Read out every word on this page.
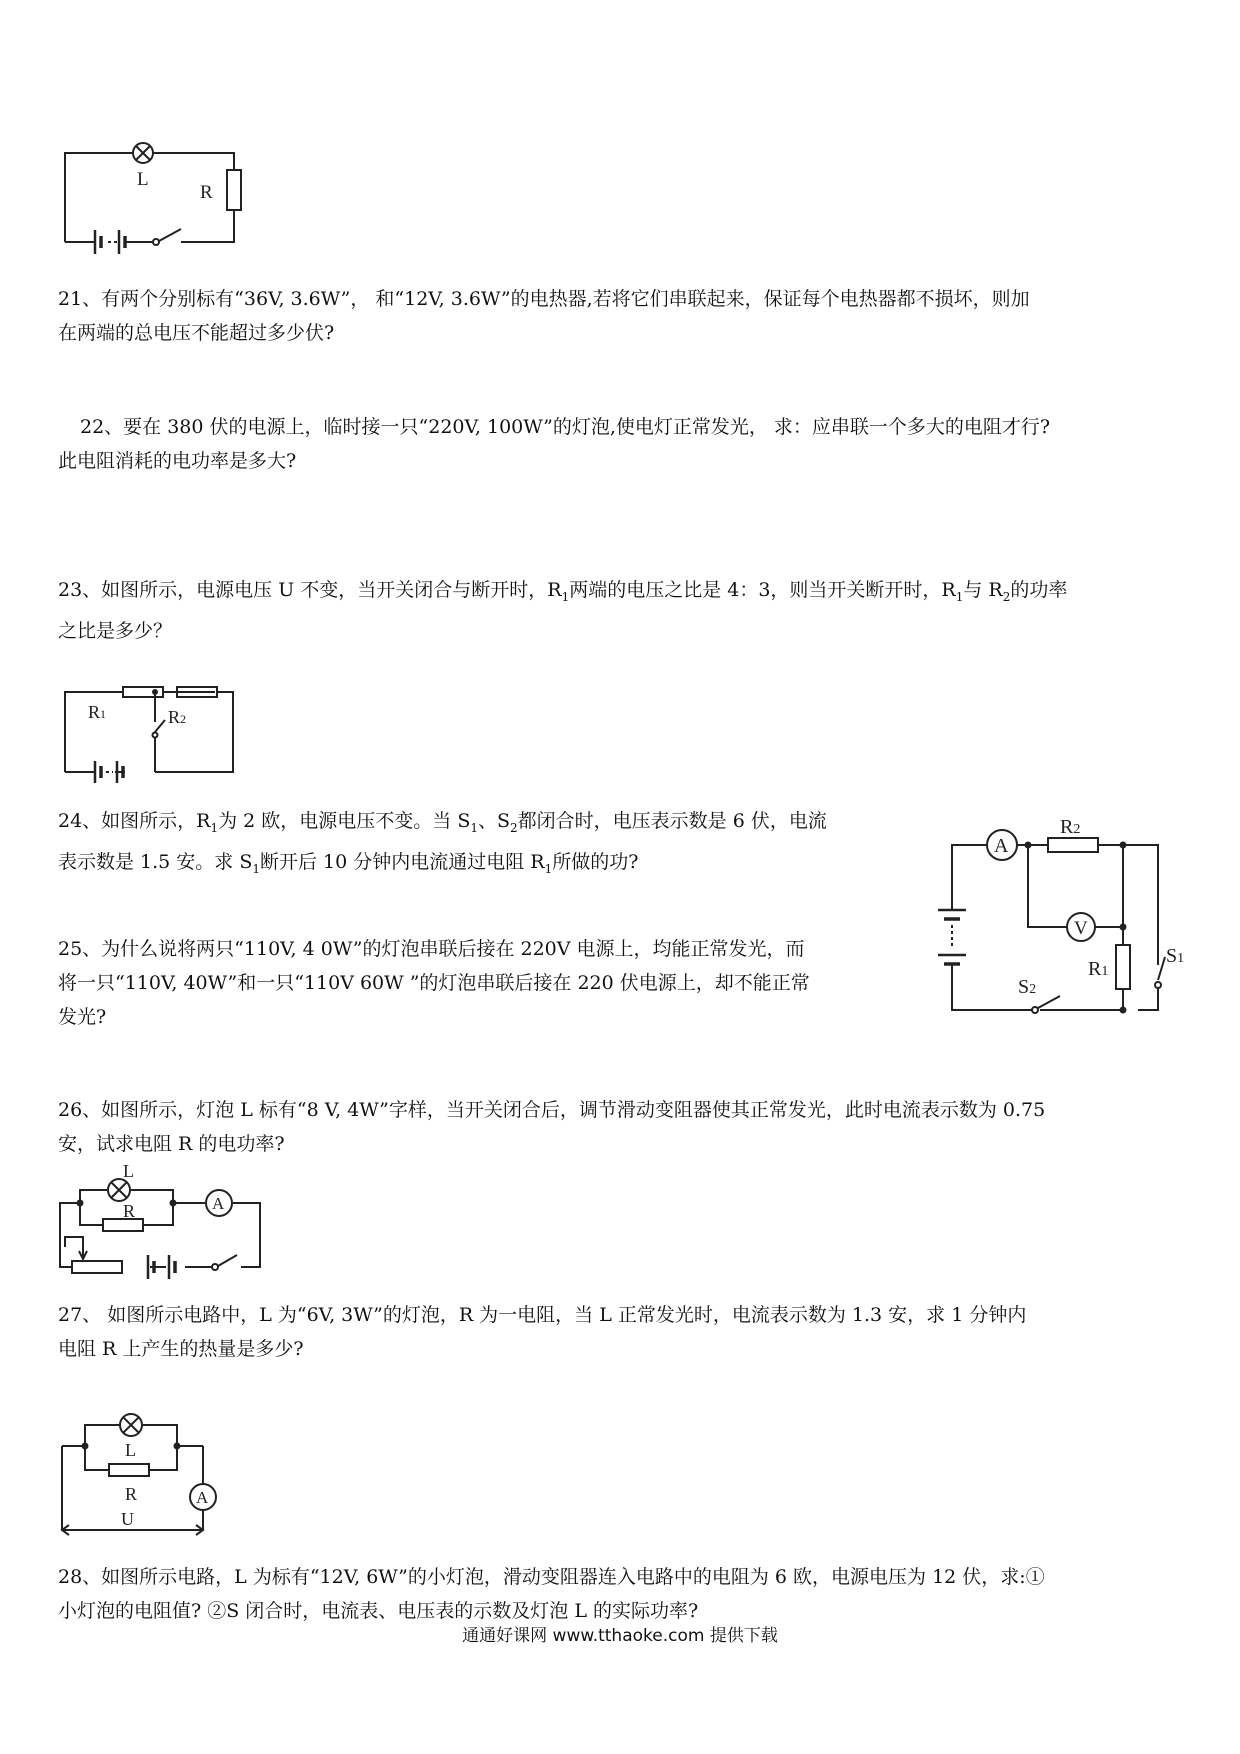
L
R
21、有两个分别标有“36V, 3.6W”， 和“12V, 3.6W”的电热器,若将它们串联起来，保证每个电热器都不损坏，则加
在两端的总电压不能超过多少伏?
22、要在 380 伏的电源上，临时接一只“220V, 100W”的灯泡,使电灯正常发光， 求：应串联一个多大的电阻才行?
此电阻消耗的电功率是多大?
23、如图所示，电源电压 U 不变，当开关闭合与断开时，$R_1$两端的电压之比是 4：3，则当开关断开时，$R_1$与 $R_2$的功率
之比是多少？
R1	R2
24、如图所示，$R_1$为 2 欧，电源电压不变。当 $S_1$、$S_2$都闭合时，电压表示数是 6 伏，电流
表示数是 1.5 安。求 $S_1$断开后 10 分钟内电流通过电阻 $R_1$所做的功?
A
V
R2
R1
S1
S2
25、为什么说将两只“110V, 4 0W”的灯泡串联后接在 220V 电源上，均能正常发光，而
将一只“110V, 40W”和一只“110V 60W ”的灯泡串联后接在 220 伏电源上，却不能正常
发光?
26、如图所示，灯泡 L 标有“8 V, 4W”字样，当开关闭合后，调节滑动变阻器使其正常发光，此时电流表示数为 0.75
安，试求电阻 R 的电功率?
L
R	A
27、 如图所示电路中，L 为“6V, 3W”的灯泡，R 为一电阻，当 L 正常发光时，电流表示数为 1.3 安，求 1 分钟内
电阻 R 上产生的热量是多少?
L
R	A
U
28、如图所示电路，L 为标有“12V, 6W”的小灯泡，滑动变阻器连入电路中的电阻为 6 欧，电源电压为 12 伏，求:①
小灯泡的电阻值? ②S 闭合时，电流表、电压表的示数及灯泡 L 的实际功率?
通通好课网 www.tthaoke.com 提供下载
